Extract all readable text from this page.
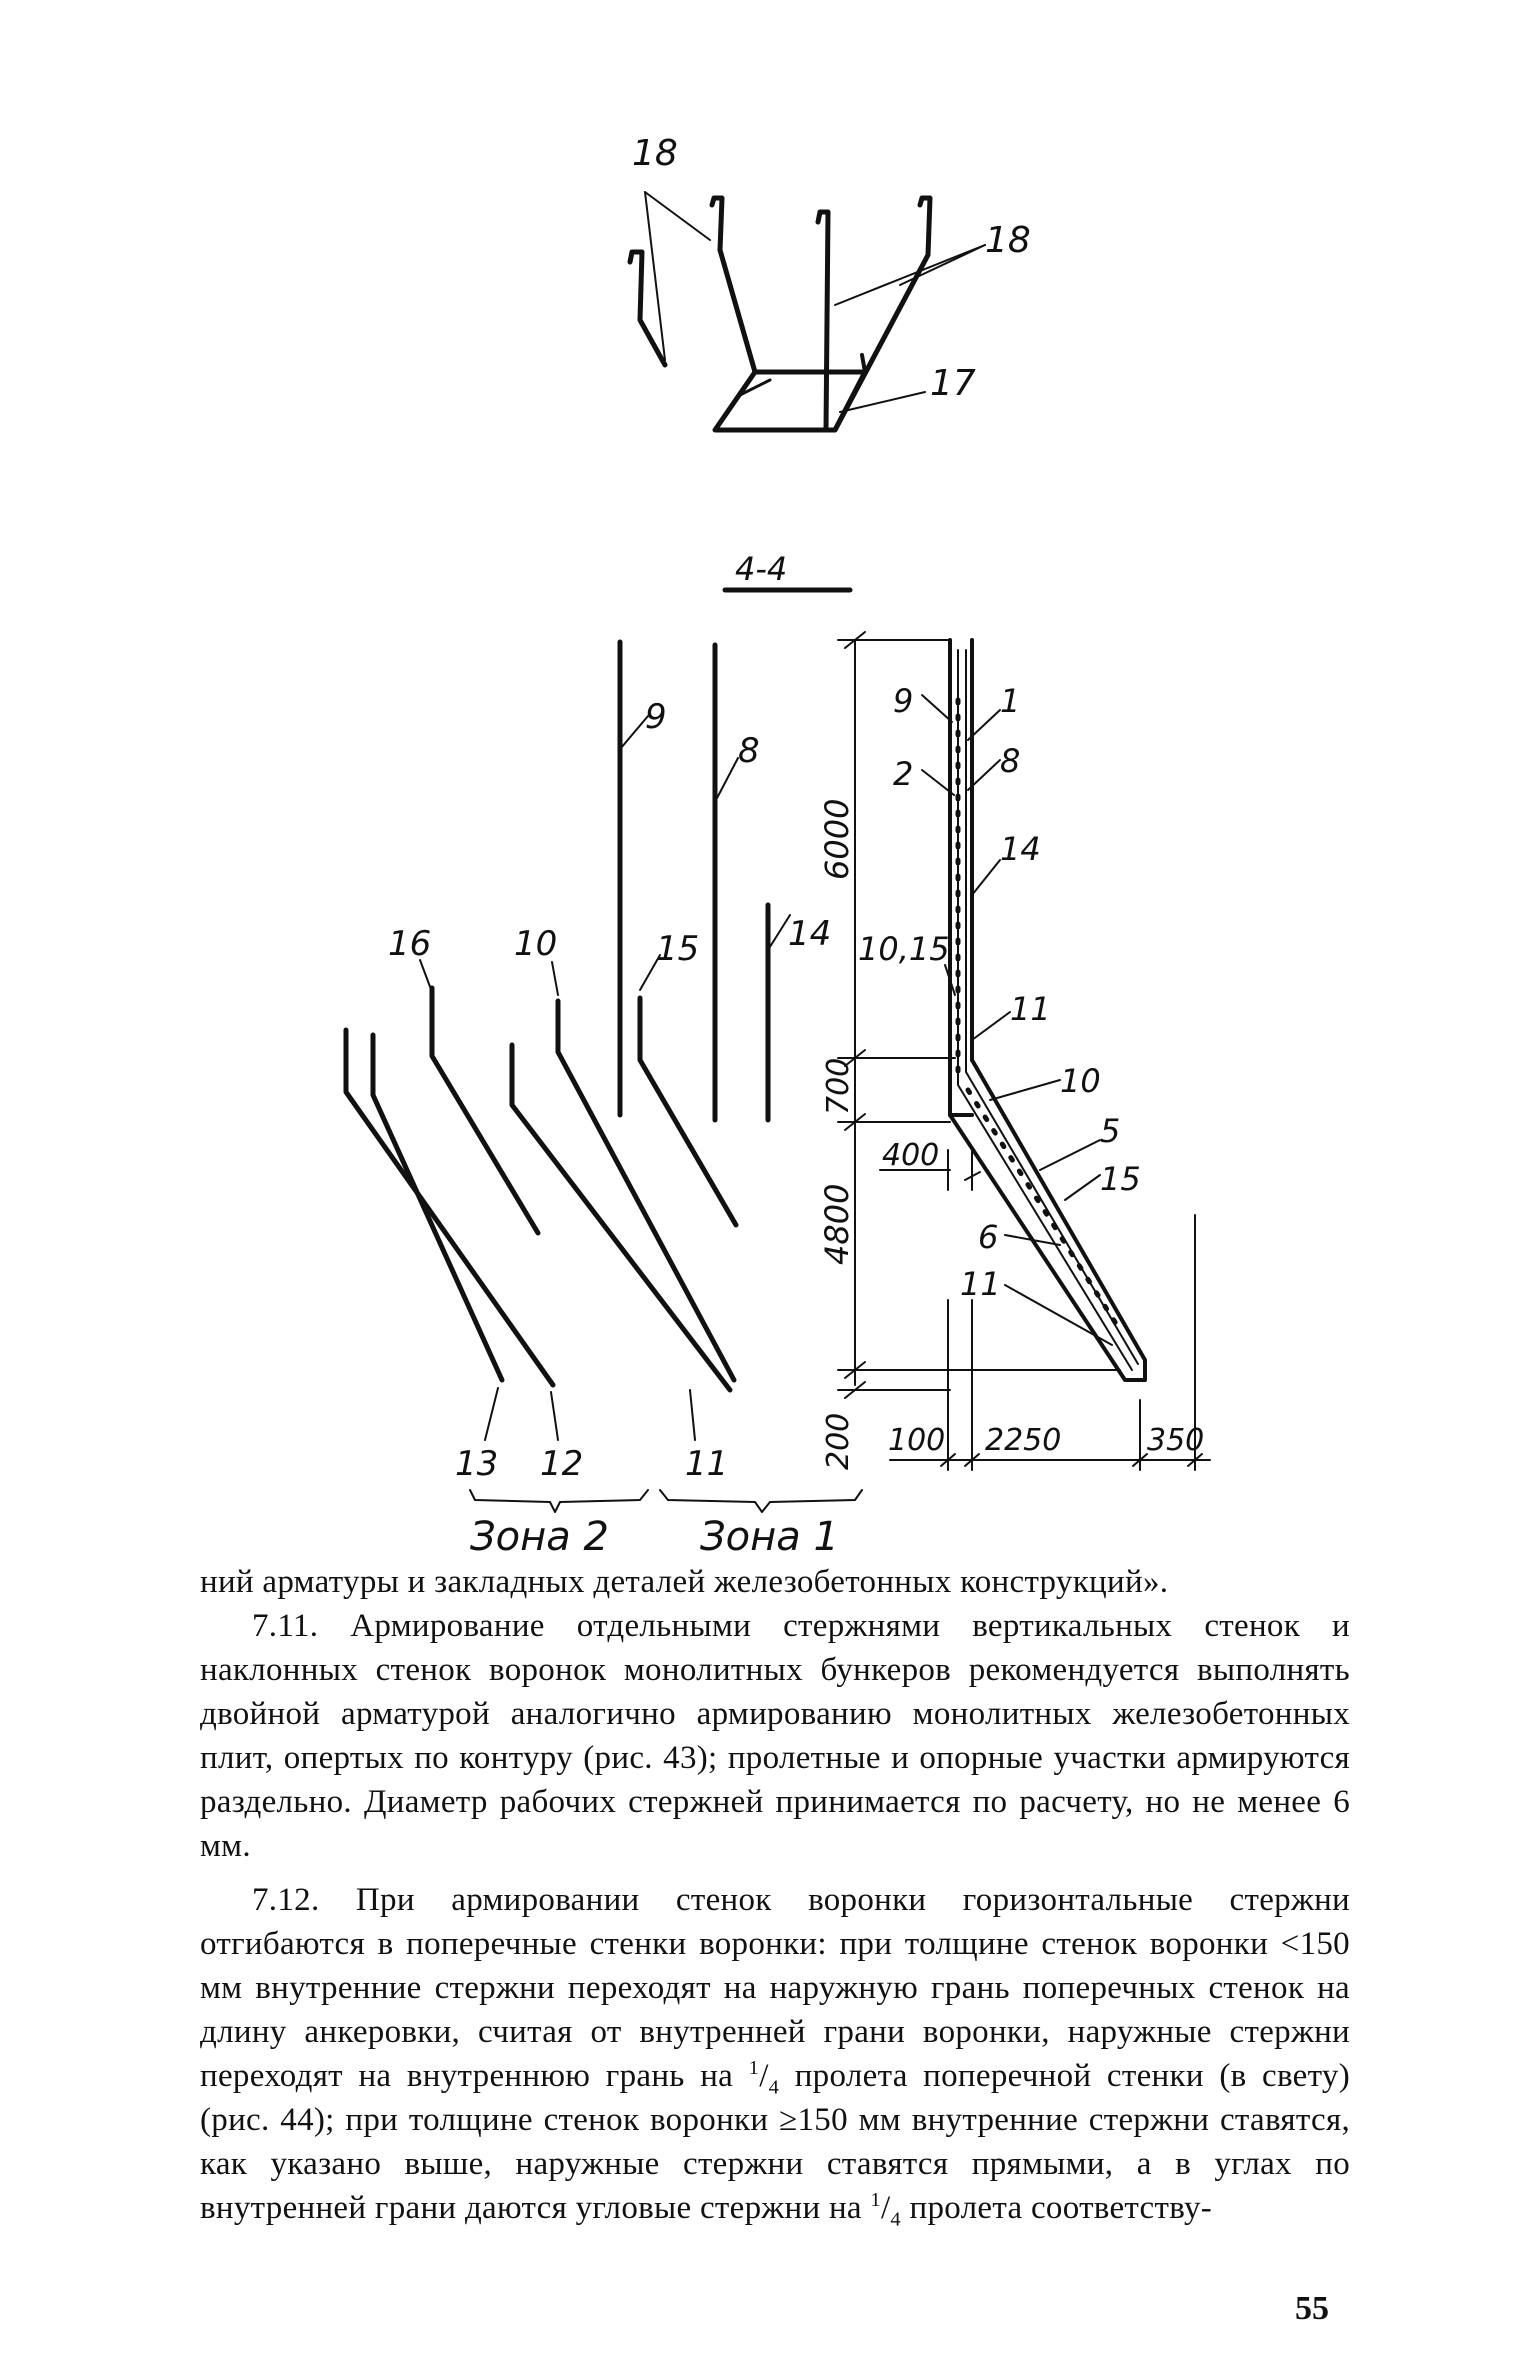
18
18
17
4-4
9
8
16 10	15	14
13 12	11
Зона 2 Зона 1
6000
700
400
4800
200 100 2250	350
9	1
2	8
14
10,15
11
10
5
15
6
11

ний арматуры и закладных деталей железобетонных конструкций».

7.11. Армирование отдельными стержнями вертикальных стенок и наклонных стенок воронок монолитных бункеров рекомендуется выполнять двойной арматурой аналогично армированию монолитных железобетонных плит, опертых по контуру (рис. 43); пролетные и опорные участки армируются раздельно. Диаметр рабочих стержней принимается по расчету, но не менее 6 мм.

7.12. При армировании стенок воронки горизонтальные стержни отгибаются в поперечные стенки воронки: при толщине стенок воронки <150 мм внутренние стержни переходят на наружную грань поперечных стенок на длину анкеровки, считая от внутренней грани воронки, наружные стержни переходят на внутреннюю грань на $^1/_4$ пролета поперечной стенки (в свету) (рис. 44); при толщине стенок воронки ≥150 мм внутренние стержни ставятся, как указано выше, наружные стержни ставятся прямыми, а в углах по внутренней грани даются угловые стержни на $^1/_4$ пролета соответству-

55
